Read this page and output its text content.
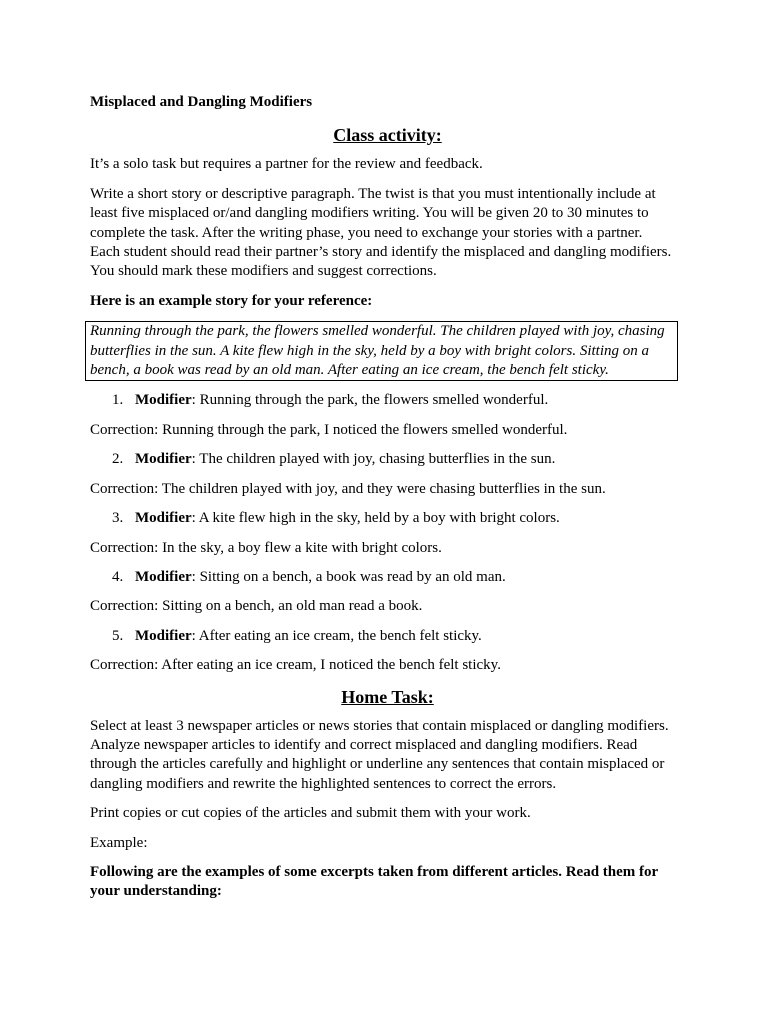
Misplaced and Dangling Modifiers

Class activity:

It’s a solo task but requires a partner for the review and feedback.

Write a short story or descriptive paragraph. The twist is that you must intentionally include at
least five misplaced or/and dangling modifiers writing. You will be given 20 to 30 minutes to
complete the task. After the writing phase, you need to exchange your stories with a partner.
Each student should read their partner’s story and identify the misplaced and dangling modifiers.
You should mark these modifiers and suggest corrections.

Here is an example story for your reference:

Running through the park, the flowers smelled wonderful. The children played with joy, chasing
butterflies in the sun. A kite flew high in the sky, held by a boy with bright colors. Sitting on a
bench, a book was read by an old man. After eating an ice cream, the bench felt sticky.

1. Modifier: Running through the park, the flowers smelled wonderful.

Correction: Running through the park, I noticed the flowers smelled wonderful.

2. Modifier: The children played with joy, chasing butterflies in the sun.

Correction: The children played with joy, and they were chasing butterflies in the sun.

3. Modifier: A kite flew high in the sky, held by a boy with bright colors.

Correction: In the sky, a boy flew a kite with bright colors.

4. Modifier: Sitting on a bench, a book was read by an old man.

Correction: Sitting on a bench, an old man read a book.

5. Modifier: After eating an ice cream, the bench felt sticky.

Correction: After eating an ice cream, I noticed the bench felt sticky.

Home Task:

Select at least 3 newspaper articles or news stories that contain misplaced or dangling modifiers.
Analyze newspaper articles to identify and correct misplaced and dangling modifiers. Read
through the articles carefully and highlight or underline any sentences that contain misplaced or
dangling modifiers and rewrite the highlighted sentences to correct the errors.

Print copies or cut copies of the articles and submit them with your work.

Example:

Following are the examples of some excerpts taken from different articles. Read them for
your understanding:
